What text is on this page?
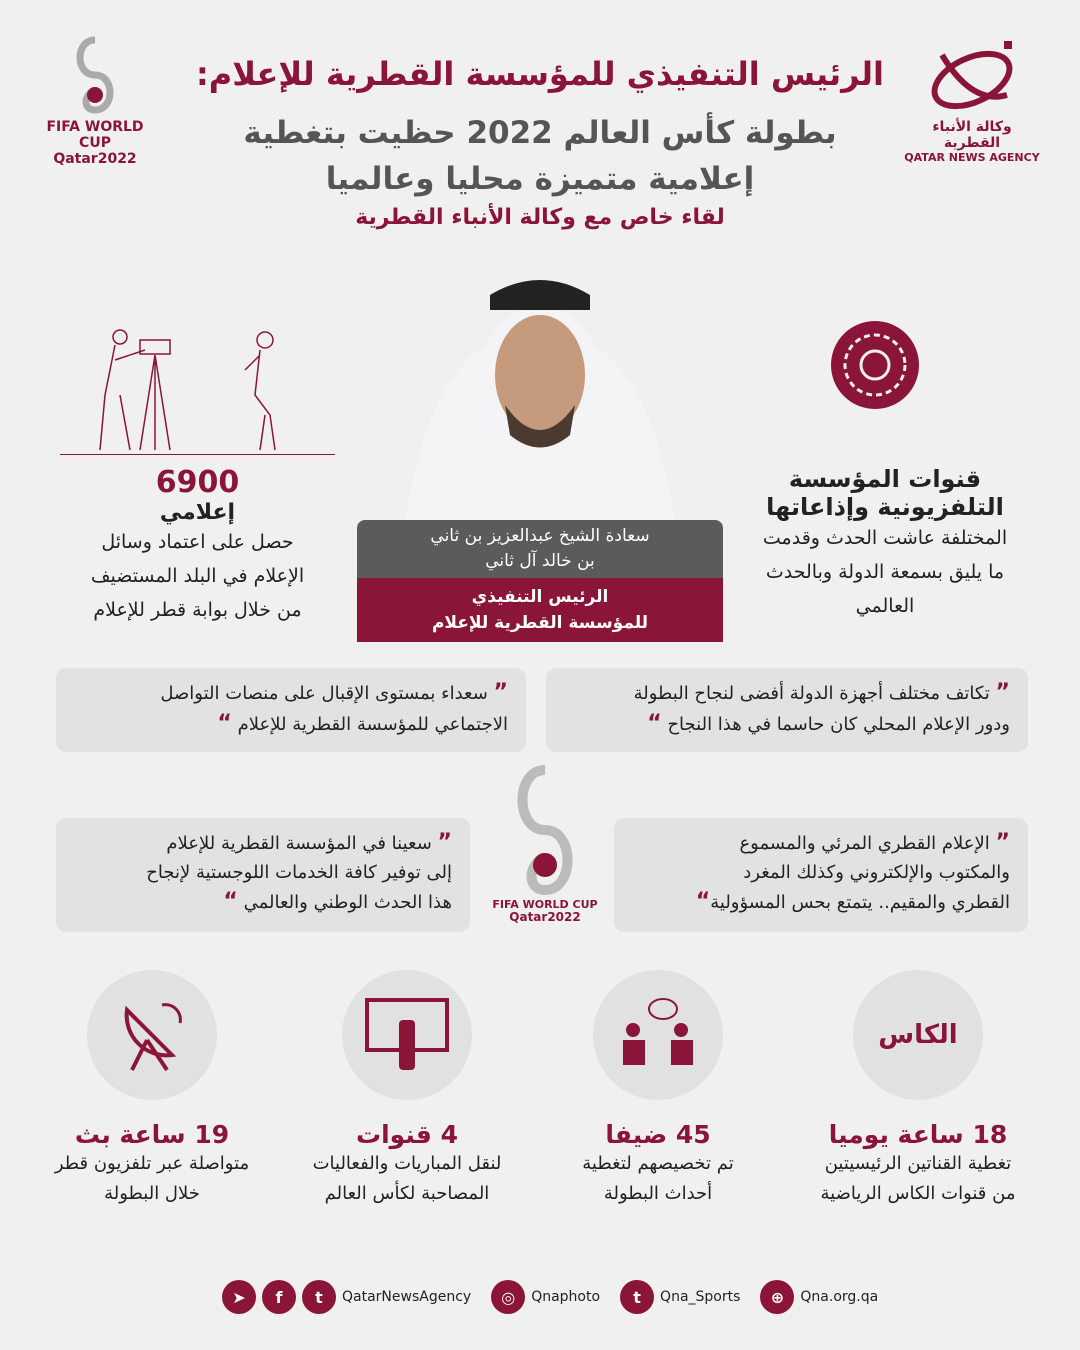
الرئيس التنفيذي للمؤسسة القطرية للإعلام:
بطولة كأس العالم 2022 حظيت بتغطية
إعلامية متميزة محليا وعالميا
لقاء خاص مع وكالة الأنباء القطرية
وكالة الأنباء القطرية
QATAR NEWS AGENCY
FIFA WORLD CUP
Qatar2022
سعادة الشيخ عبدالعزيز بن ثاني
بن خالد آل ثاني
الرئيس التنفيذي
للمؤسسة القطرية للإعلام
6900
إعلامي
حصل على اعتماد وسائل
الإعلام في البلد المستضيف
من خلال بوابة قطر للإعلام
قنوات المؤسسة
التلفزيونية وإذاعاتها
المختلفة عاشت الحدث وقدمت
ما يليق بسمعة الدولة وبالحدث
العالمي
” تكاتف مختلف أجهزة الدولة أفضى لنجاح البطولة
ودور الإعلام المحلي كان حاسما في هذا النجاح “
” سعداء بمستوى الإقبال على منصات التواصل
الاجتماعي للمؤسسة القطرية للإعلام “
” الإعلام القطري المرئي والمسموع
والمكتوب والإلكتروني وكذلك المغرد
القطري والمقيم.. يتمتع بحس المسؤولية“
” سعينا في المؤسسة القطرية للإعلام
إلى توفير كافة الخدمات اللوجستية لإنجاح
هذا الحدث الوطني والعالمي “	FIFA WORLD CUP
Qatar2022
الكاس
18 ساعة يوميا
تغطية القناتين الرئيسيتين
من قنوات الكاس الرياضية
45 ضيفا
تم تخصيصهم لتغطية
أحداث البطولة
4 قنوات
لنقل المباريات والفعاليات
المصاحبة لكأس العالم
19 ساعة بث
متواصلة عبر تلفزيون قطر
خلال البطولة
➤	f	t	QatarNewsAgency	◎	Qnaphoto	t	Qna_Sports	⊕	Qna.org.qa
